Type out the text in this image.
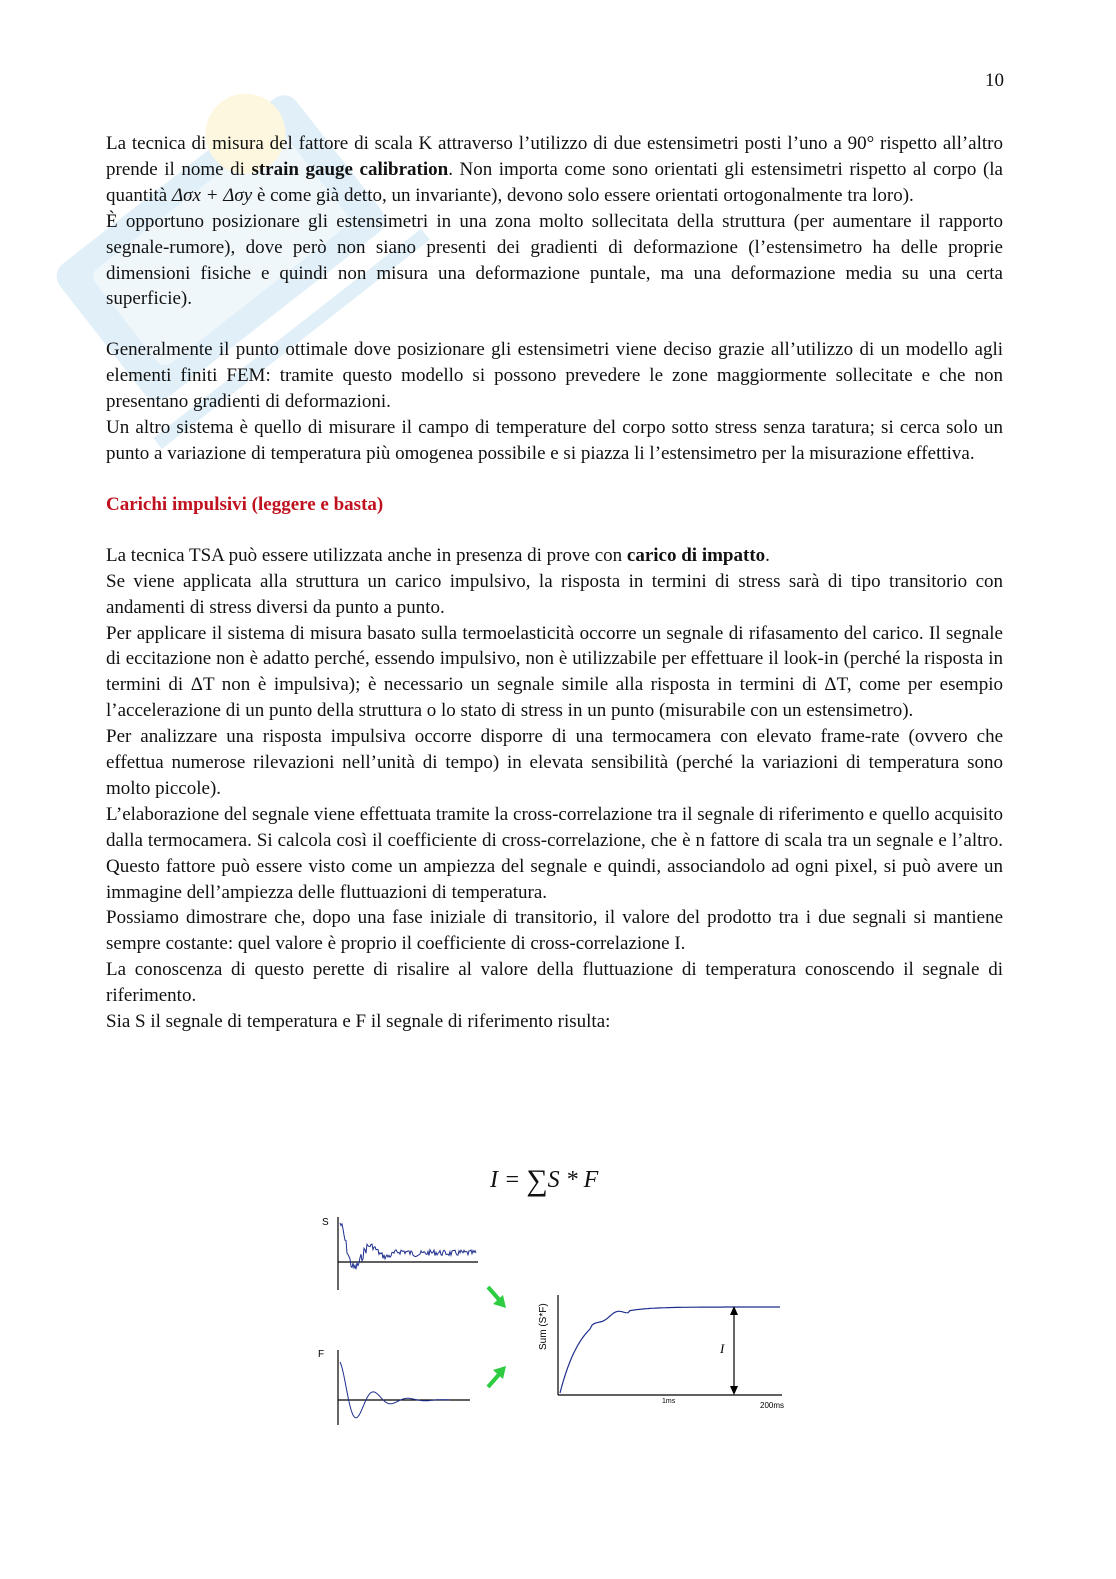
10

La tecnica di misura del fattore di scala K attraverso l’utilizzo di due estensimetri posti l’uno a 90° rispetto all’altro prende il nome di strain gauge calibration. Non importa come sono orientati gli estensimetri rispetto al corpo (la quantità Δσx + Δσy è come già detto, un invariante), devono solo essere orientati ortogonalmente tra loro).

È opportuno posizionare gli estensimetri in una zona molto sollecitata della struttura (per aumentare il rapporto segnale-rumore), dove però non siano presenti dei gradienti di deformazione (l’estensimetro ha delle proprie dimensioni fisiche e quindi non misura una deformazione puntale, ma una deformazione media su una certa superficie).

Generalmente il punto ottimale dove posizionare gli estensimetri viene deciso grazie all’utilizzo di un modello agli elementi finiti FEM: tramite questo modello si possono prevedere le zone maggiormente sollecitate e che non presentano gradienti di deformazioni.

Un altro sistema è quello di misurare il campo di temperature del corpo sotto stress senza taratura; si cerca solo un punto a variazione di temperatura più omogenea possibile e si piazza li l’estensimetro per la misurazione effettiva.

Carichi impulsivi (leggere e basta)

La tecnica TSA può essere utilizzata anche in presenza di prove con carico di impatto.

Se viene applicata alla struttura un carico impulsivo, la risposta in termini di stress sarà di tipo transitorio con andamenti di stress diversi da punto a punto.

Per applicare il sistema di misura basato sulla termoelasticità occorre un segnale di rifasamento del carico. Il segnale di eccitazione non è adatto perché, essendo impulsivo, non è utilizzabile per effettuare il look-in (perché la risposta in termini di ΔT non è impulsiva); è necessario un segnale simile alla risposta in termini di ΔT, come per esempio l’accelerazione di un punto della struttura o lo stato di stress in un punto (misurabile con un estensimetro).

Per analizzare una risposta impulsiva occorre disporre di una termocamera con elevato frame-rate (ovvero che effettua numerose rilevazioni nell’unità di tempo) in elevata sensibilità (perché la variazioni di temperatura sono molto piccole).

L’elaborazione del segnale viene effettuata tramite la cross-correlazione tra il segnale di riferimento e quello acquisito dalla termocamera. Si calcola così il coefficiente di cross-correlazione, che è n fattore di scala tra un segnale e l’altro. Questo fattore può essere visto come un ampiezza del segnale e quindi, associandolo ad ogni pixel, si può avere un immagine dell’ampiezza delle fluttuazioni di temperatura.

Possiamo dimostrare che, dopo una fase iniziale di transitorio, il valore del prodotto tra i due segnali si mantiene sempre costante: quel valore è proprio il coefficiente di cross-correlazione I.

La conoscenza di questo perette di risalire al valore della fluttuazione di temperatura conoscendo il segnale di riferimento.

Sia S il segnale di temperatura e F il segnale di riferimento risulta:

I = ∑S * F
S
F
Sum (S*F)	I
1ms	200ms
